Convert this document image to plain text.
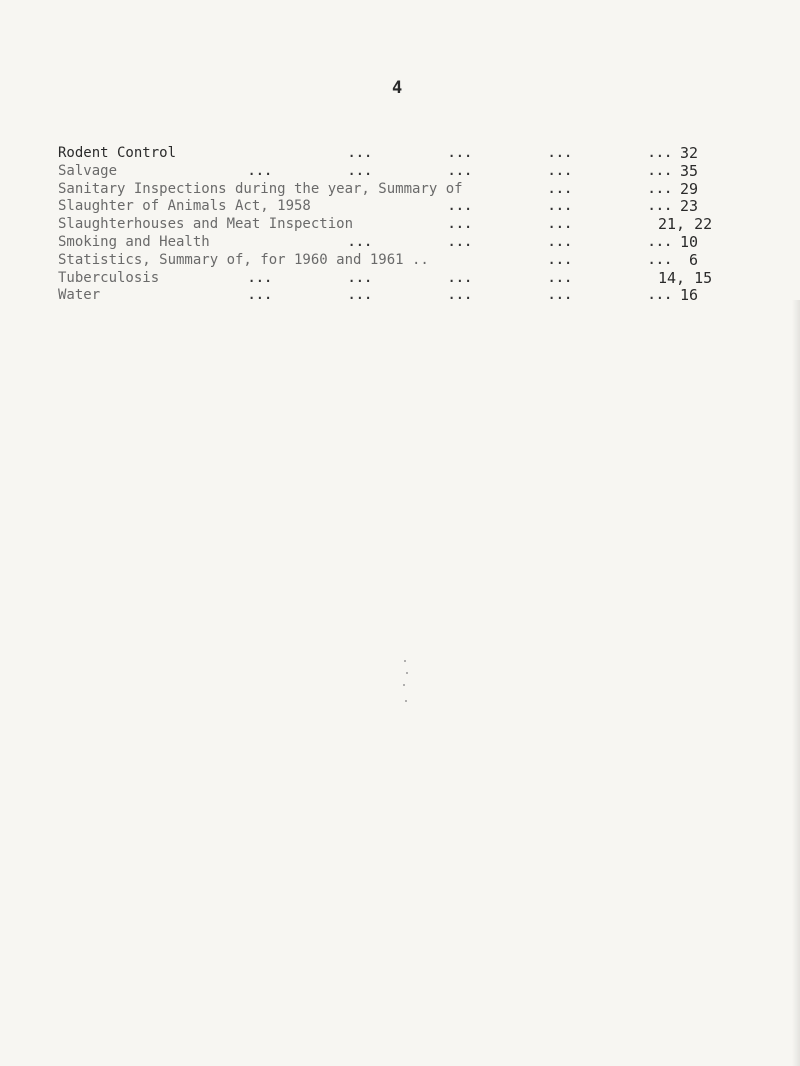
4
Rodent Control	...	...	...	... 32
Salvage	...	...	...	...	... 35
Sanitary Inspections during the year, Summary of	...	... 29
Slaughter of Animals Act, 1958	...	...	... 23
Slaughterhouses and Meat Inspection	...	...	21, 22
Smoking and Health	...	...	...	... 10
Statistics, Summary of, for 1960 and 1961 ..	...	...	6
Tuberculosis	...	...	...	...	14, 15
Water	...	...	...	...	... 16
